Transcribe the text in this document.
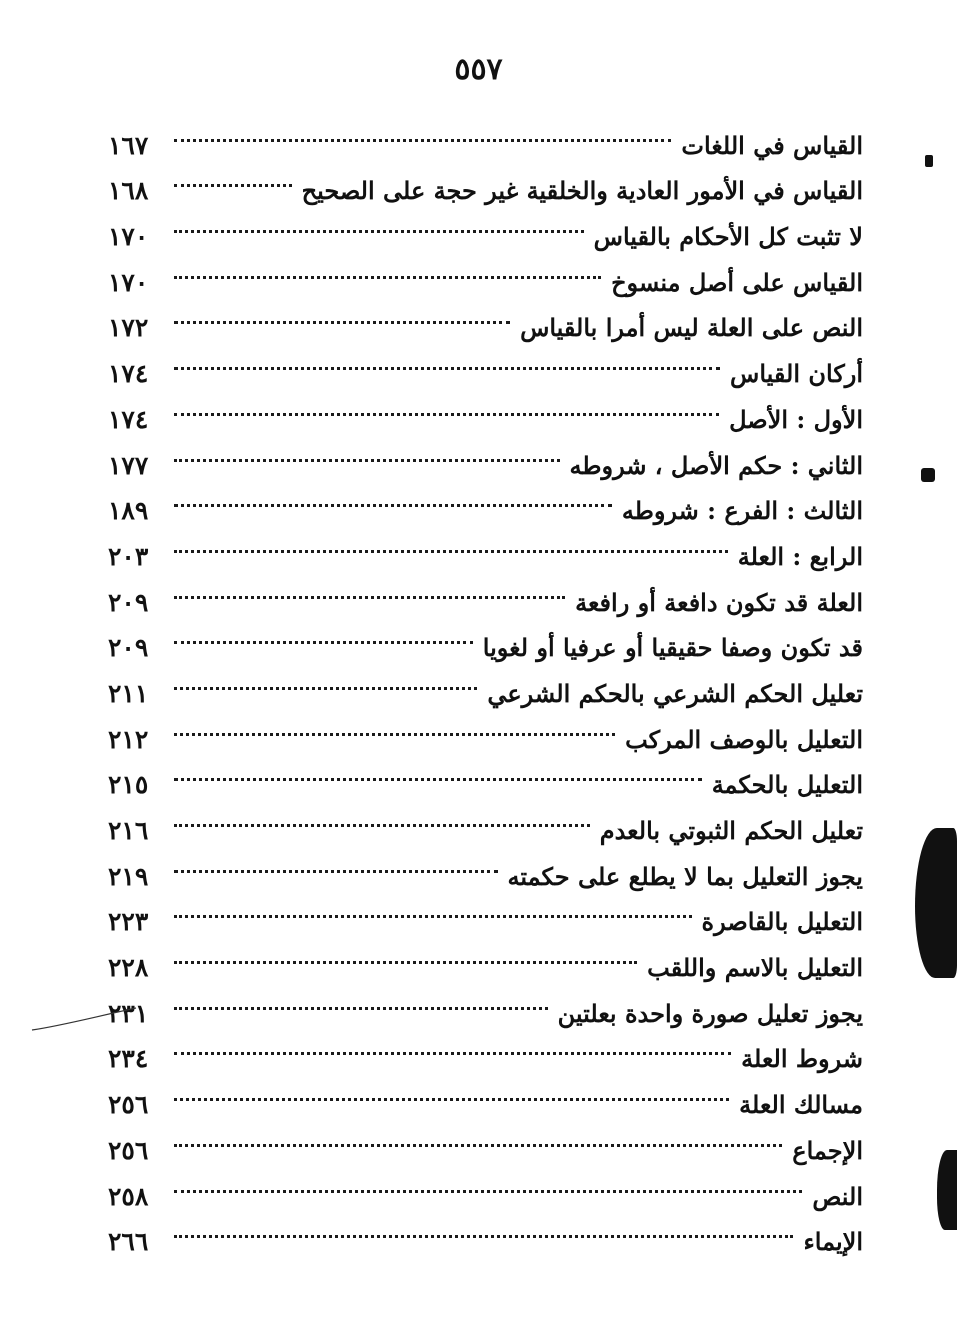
٥٥٧
القياس في اللغات
١٦٧
القياس في الأمور العادية والخلقية غير حجة على الصحيح
١٦٨
لا تثبت كل الأحكام بالقياس
١٧٠
القياس على أصل منسوخ
١٧٠
النص على العلة ليس أمرا بالقياس
١٧٢
أركان القياس
١٧٤
الأول : الأصل
١٧٤
الثاني : حكم الأصل ، شروطه
١٧٧
الثالث : الفرع : شروطه
١٨٩
الرابع : العلة
٢٠٣
العلة قد تكون دافعة أو رافعة
٢٠٩
قد تكون وصفا حقيقيا أو عرفيا أو لغويا
٢٠٩
تعليل الحكم الشرعي بالحكم الشرعي
٢١١
التعليل بالوصف المركب
٢١٢
التعليل بالحكمة
٢١٥
تعليل الحكم الثبوتي بالعدم
٢١٦
يجوز التعليل بما لا يطلع على حكمته
٢١٩
التعليل بالقاصرة
٢٢٣
التعليل بالاسم واللقب
٢٢٨
يجوز تعليل صورة واحدة بعلتين
٢٣١
شروط العلة
٢٣٤
مسالك العلة
٢٥٦
الإجماع
٢٥٦
النص
٢٥٨
الإيماء
٢٦٦
